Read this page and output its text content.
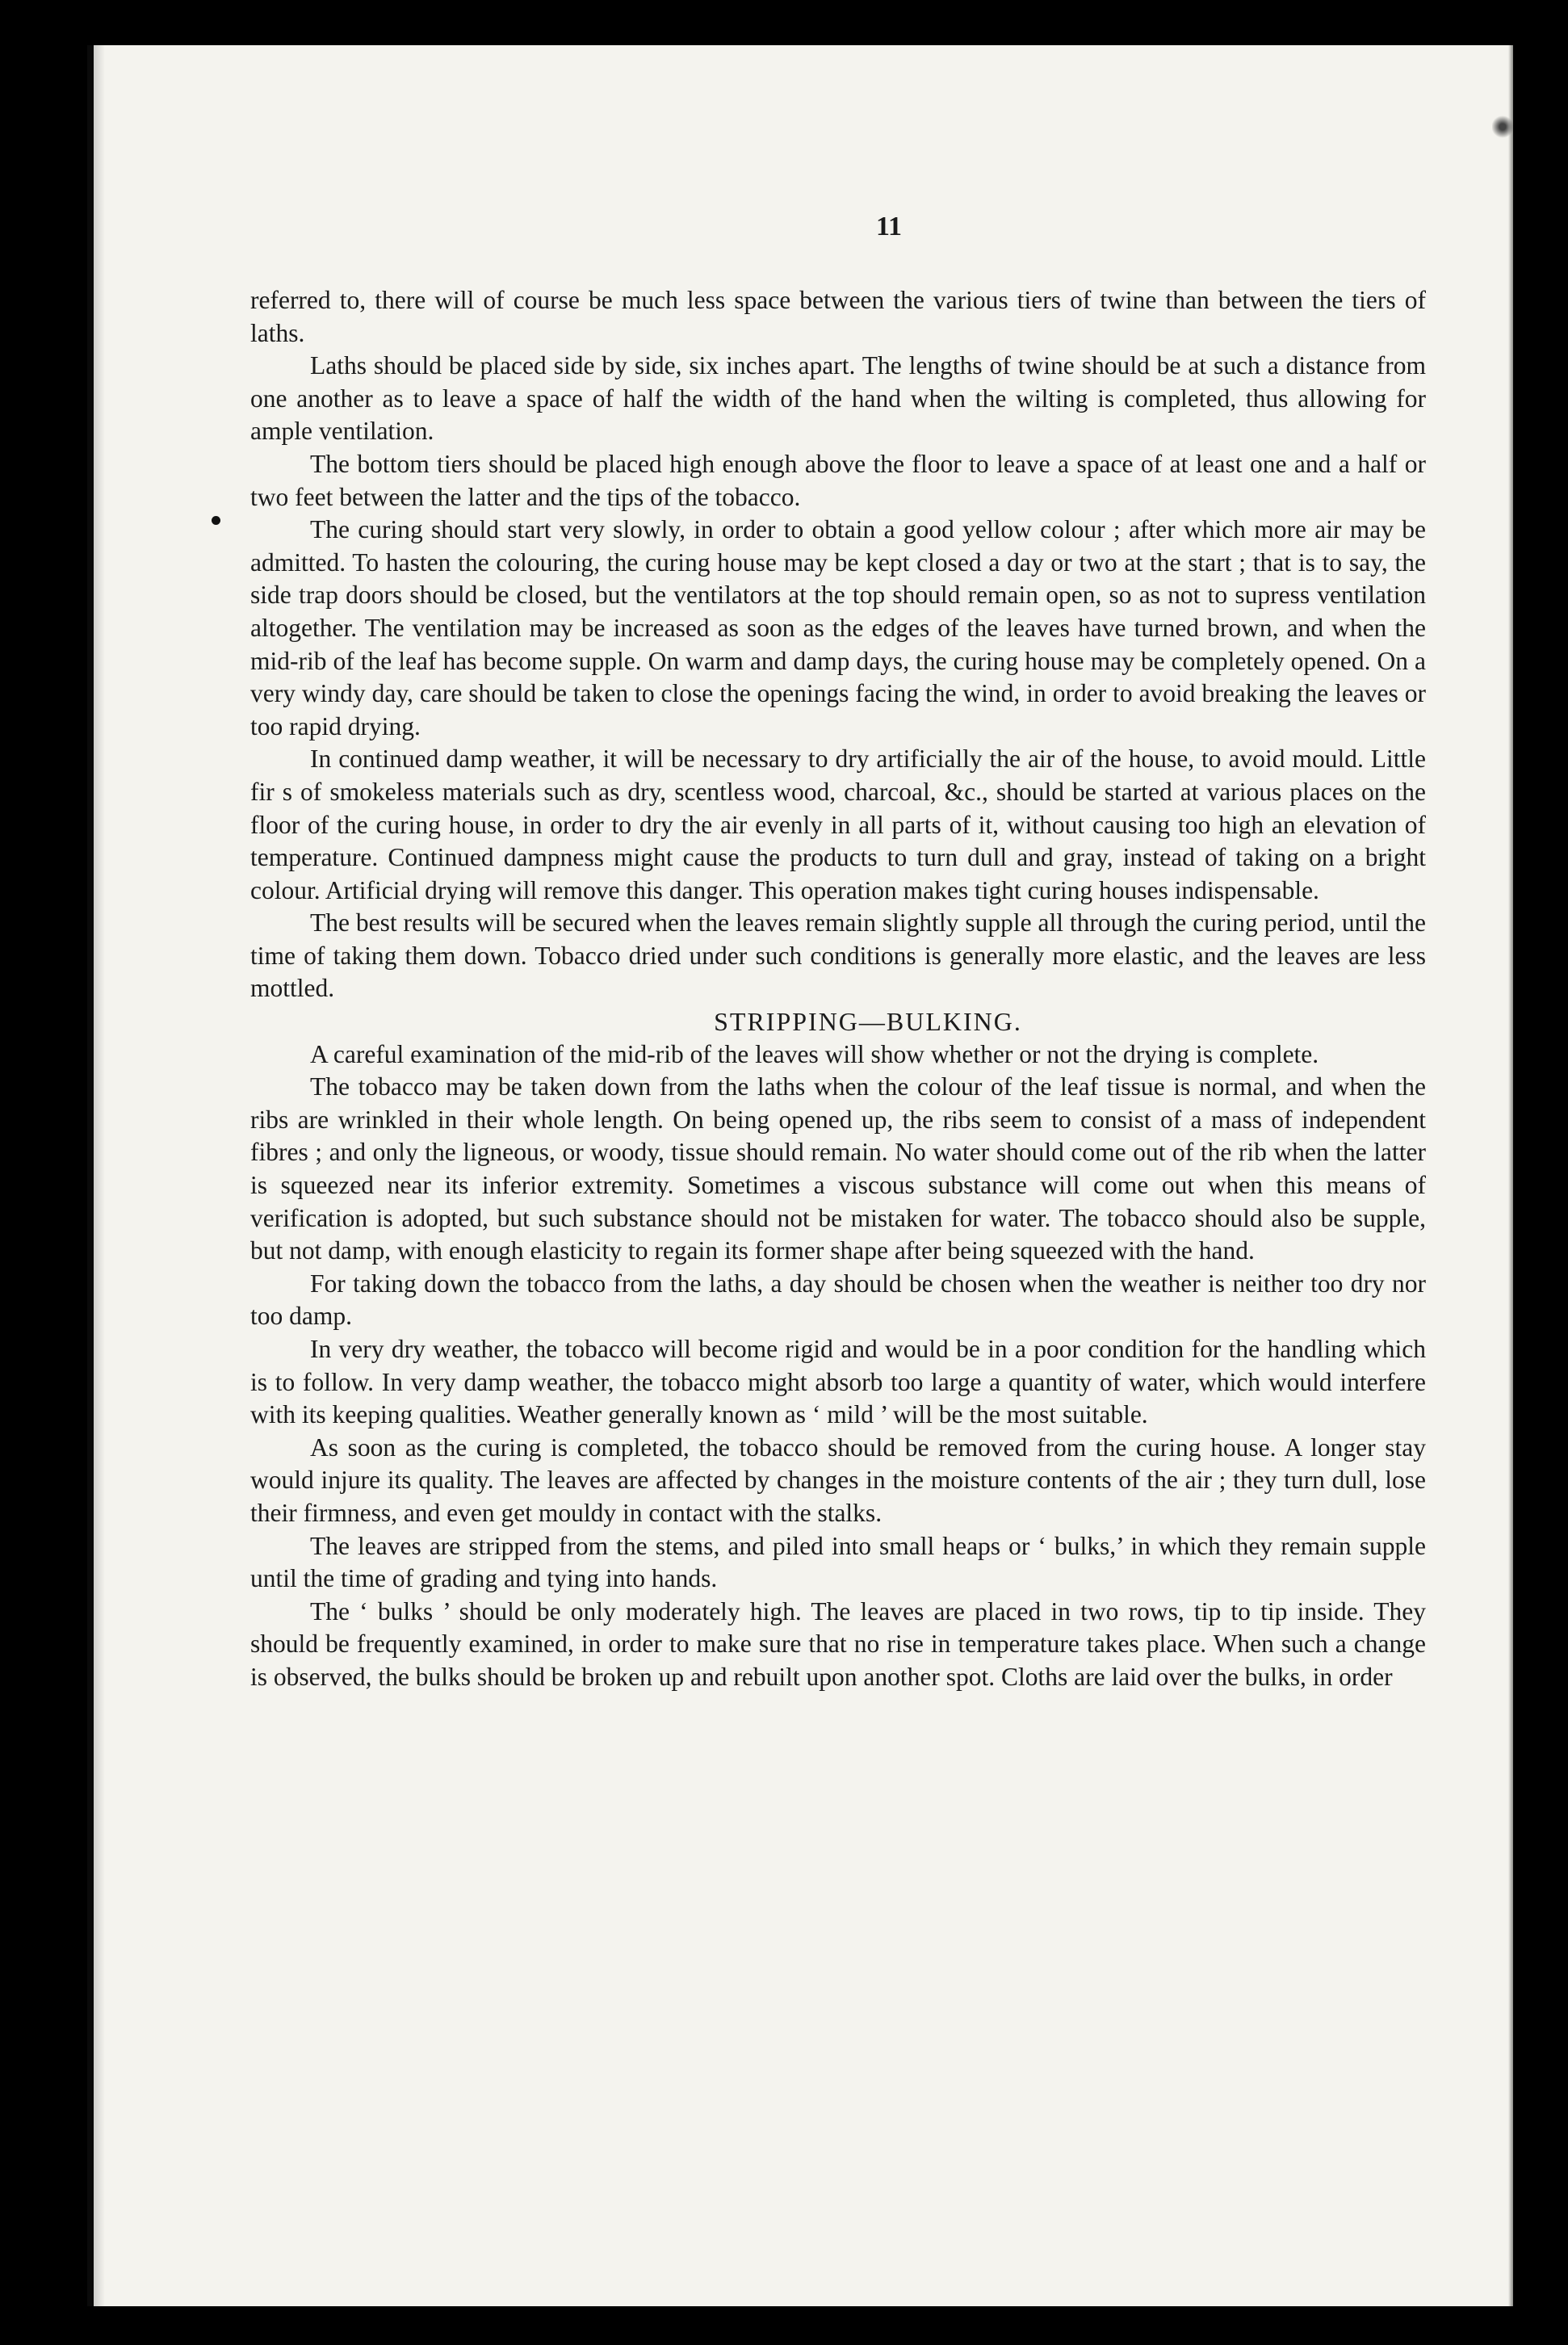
11

referred to, there will of course be much less space between the various tiers of twine than between the tiers of laths.

Laths should be placed side by side, six inches apart. The lengths of twine should be at such a distance from one another as to leave a space of half the width of the hand when the wilting is completed, thus allowing for ample ventilation.

The bottom tiers should be placed high enough above the floor to leave a space of at least one and a half or two feet between the latter and the tips of the tobacco.

The curing should start very slowly, in order to obtain a good yellow colour ; after which more air may be admitted. To hasten the colouring, the curing house may be kept closed a day or two at the start ; that is to say, the side trap doors should be closed, but the ventilators at the top should remain open, so as not to supress ventilation altogether. The ventilation may be increased as soon as the edges of the leaves have turned brown, and when the mid-rib of the leaf has become supple. On warm and damp days, the curing house may be completely opened. On a very windy day, care should be taken to close the openings facing the wind, in order to avoid breaking the leaves or too rapid drying.

In continued damp weather, it will be necessary to dry artificially the air of the house, to avoid mould. Little fir s of smokeless materials such as dry, scentless wood, charcoal, &c., should be started at various places on the floor of the curing house, in order to dry the air evenly in all parts of it, without causing too high an elevation of temperature. Continued dampness might cause the products to turn dull and gray, instead of taking on a bright colour. Artificial drying will remove this danger. This operation makes tight curing houses indispensable.

The best results will be secured when the leaves remain slightly supple all through the curing period, until the time of taking them down. Tobacco dried under such conditions is generally more elastic, and the leaves are less mottled.

STRIPPING—BULKING.

A careful examination of the mid-rib of the leaves will show whether or not the drying is complete.

The tobacco may be taken down from the laths when the colour of the leaf tissue is normal, and when the ribs are wrinkled in their whole length. On being opened up, the ribs seem to consist of a mass of independent fibres ; and only the ligneous, or woody, tissue should remain. No water should come out of the rib when the latter is squeezed near its inferior extremity. Sometimes a viscous substance will come out when this means of verification is adopted, but such substance should not be mistaken for water. The tobacco should also be supple, but not damp, with enough elasticity to regain its former shape after being squeezed with the hand.

For taking down the tobacco from the laths, a day should be chosen when the weather is neither too dry nor too damp.

In very dry weather, the tobacco will become rigid and would be in a poor condition for the handling which is to follow. In very damp weather, the tobacco might absorb too large a quantity of water, which would interfere with its keeping qualities. Weather generally known as ‘ mild ’ will be the most suitable.

As soon as the curing is completed, the tobacco should be removed from the curing house. A longer stay would injure its quality. The leaves are affected by changes in the moisture contents of the air ; they turn dull, lose their firmness, and even get mouldy in contact with the stalks.

The leaves are stripped from the stems, and piled into small heaps or ‘ bulks,’ in which they remain supple until the time of grading and tying into hands.

The ‘ bulks ’ should be only moderately high. The leaves are placed in two rows, tip to tip inside. They should be frequently examined, in order to make sure that no rise in temperature takes place. When such a change is observed, the bulks should be broken up and rebuilt upon another spot. Cloths are laid over the bulks, in order
